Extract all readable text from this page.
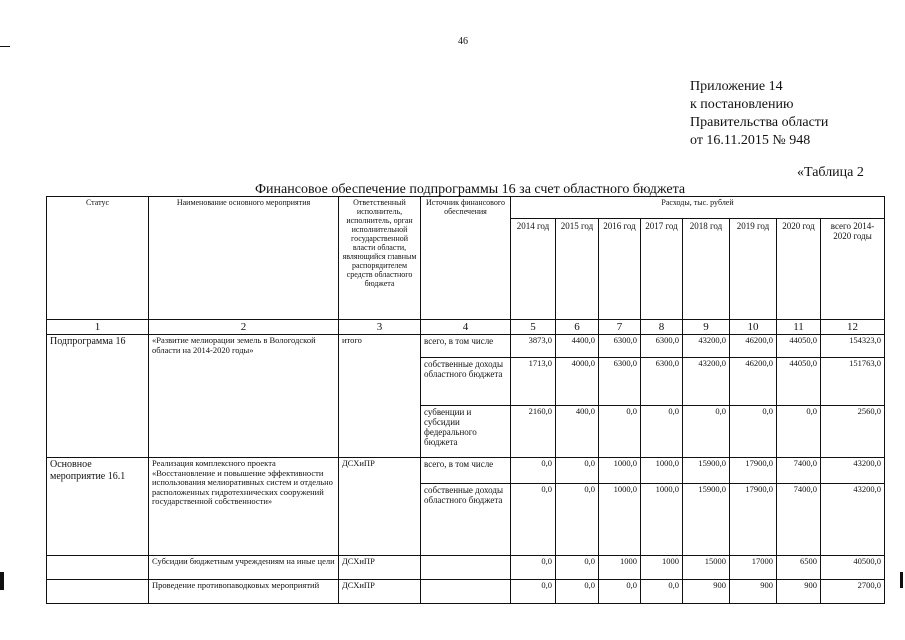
46
Приложение 14
к постановлению
Правительства области
от 16.11.2015 № 948
«Таблица 2
Финансовое обеспечение подпрограммы 16 за счет областного бюджета
Статус	Наименование основного мероприятия	Ответственный исполнитель, исполнитель, орган исполнительной государственной власти области, являющийся главным распорядителем средств областного бюджета	Источник финансового обеспечения	Расходы, тыс. рублей							
				2014 год	2015 год	2016 год	2017 год	2018 год	2019 год	2020 год	всего 2014-2020 годы
1	2	3	4	5	6	7	8	9	10	11	12
Подпрограмма 16	«Развитие мелиорации земель в Вологодской области на 2014-2020 годы»	итого	всего, в том числе	3873,0	4400,0	6300,0	6300,0	43200,0	46200,0	44050,0	154323,0
			собственные доходы областного бюджета	1713,0	4000,0	6300,0	6300,0	43200,0	46200,0	44050,0	151763,0
			субвенции и субсидии федерального бюджета	2160,0	400,0	0,0	0,0	0,0	0,0	0,0	2560,0
Основное мероприятие 16.1	Реализация комплексного проекта «Восстановление и повышение эффективности использования мелиоративных систем и отдельно расположенных гидротехнических сооружений государственной собственности»	ДСХиПР	всего, в том числе	0,0	0,0	1000,0	1000,0	15900,0	17900,0	7400,0	43200,0
			собственные доходы областного бюджета	0,0	0,0	1000,0	1000,0	15900,0	17900,0	7400,0	43200,0
	Субсидии бюджетным учреждениям на иные цели	ДСХиПР		0,0	0,0	1000	1000	15000	17000	6500	40500,0
	Проведение противопаводковых мероприятий	ДСХиПР		0,0	0,0	0,0	0,0	900	900	900	2700,0
